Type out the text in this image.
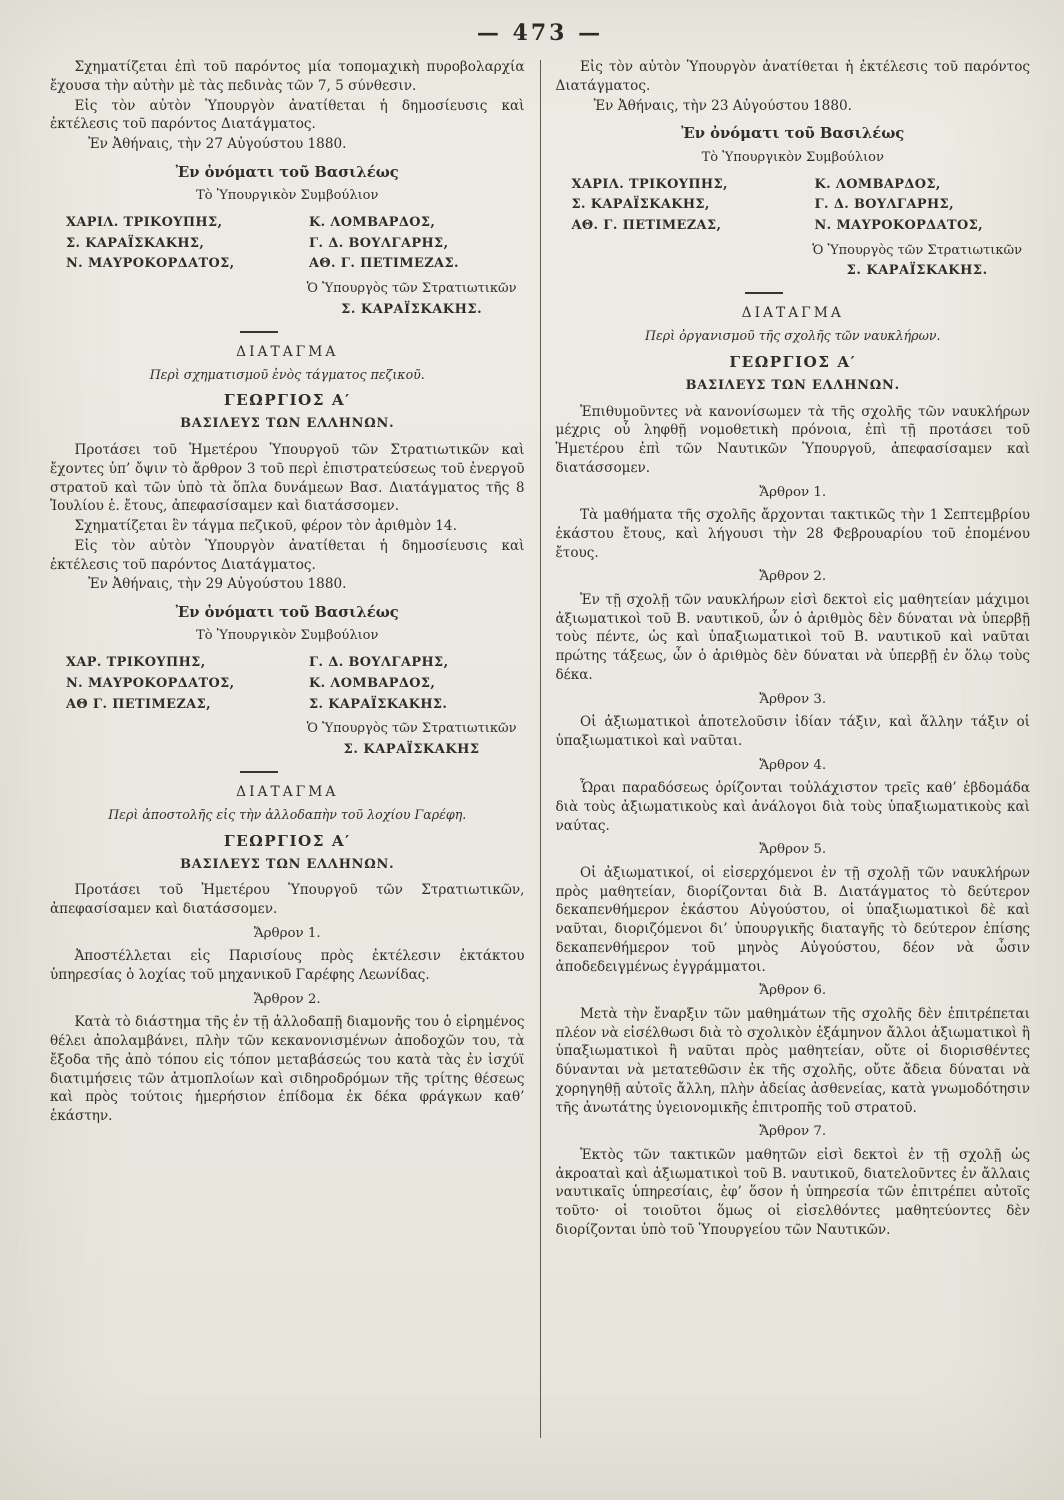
— 473 —
Σχηματίζεται ἐπὶ τοῦ παρόντος μία τοπομαχικὴ πυροβολαρχία ἔχουσα τὴν αὐτὴν μὲ τὰς πεδινὰς τῶν 7, 5 σύνθεσιν.
Εἰς τὸν αὐτὸν Ὑπουργὸν ἀνατίθεται ἡ δημοσίευσις καὶ ἐκτέλεσις τοῦ παρόντος Διατάγματος.
Ἐν Ἀθήναις, τὴν 27 Αὐγούστου 1880.
Ἐν ὀνόματι τοῦ Βασιλέως
Τὸ Ὑπουργικὸν Συμβούλιον
ΧΑΡΙΛ. ΤΡΙΚΟΥΠΗΣ,	Κ. ΛΟΜΒΑΡΔΟΣ,
Σ. ΚΑΡΑΪΣΚΑΚΗΣ,	Γ. Δ. ΒΟΥΛΓΑΡΗΣ,
Ν. ΜΑΥΡΟΚΟΡΔΑΤΟΣ,	ΑΘ. Γ. ΠΕΤΙΜΕΖΑΣ.
Ὁ Ὑπουργὸς τῶν Στρατιωτικῶν
Σ. ΚΑΡΑΪΣΚΑΚΗΣ.
ΔΙΑΤΑΓΜΑ
Περὶ σχηματισμοῦ ἑνὸς τάγματος πεζικοῦ.
ΓΕΩΡΓΙΟΣ Α′
ΒΑΣΙΛΕΥΣ ΤΩΝ ΕΛΛΗΝΩΝ.
Προτάσει τοῦ Ἡμετέρου Ὑπουργοῦ τῶν Στρατιωτικῶν καὶ ἔχοντες ὑπ’ ὄψιν τὸ ἄρθρον 3 τοῦ περὶ ἐπιστρατεύσεως τοῦ ἐνεργοῦ στρατοῦ καὶ τῶν ὑπὸ τὰ ὅπλα δυνάμεων Βασ. Διατάγματος τῆς 8 Ἰουλίου ἑ. ἔτους, ἀπεφασίσαμεν καὶ διατάσσομεν.
Σχηματίζεται ἓν τάγμα πεζικοῦ, φέρον τὸν ἀριθμὸν 14.
Εἰς τὸν αὐτὸν Ὑπουργὸν ἀνατίθεται ἡ δημοσίευσις καὶ ἐκτέλεσις τοῦ παρόντος Διατάγματος.
Ἐν Ἀθήναις, τὴν 29 Αὐγούστου 1880.
Ἐν ὀνόματι τοῦ Βασιλέως
Τὸ Ὑπουργικὸν Συμβούλιον
ΧΑΡ. ΤΡΙΚΟΥΠΗΣ,	Γ. Δ. ΒΟΥΛΓΑΡΗΣ,
Ν. ΜΑΥΡΟΚΟΡΔΑΤΟΣ,	Κ. ΛΟΜΒΑΡΔΟΣ,
ΑΘ Γ. ΠΕΤΙΜΕΖΑΣ,	Σ. ΚΑΡΑΪΣΚΑΚΗΣ.
Ὁ Ὑπουργὸς τῶν Στρατιωτικῶν
Σ. ΚΑΡΑΪΣΚΑΚΗΣ
ΔΙΑΤΑΓΜΑ
Περὶ ἀποστολῆς εἰς τὴν ἀλλοδαπὴν τοῦ λοχίου Γαρέφη.
ΓΕΩΡΓΙΟΣ Α′
ΒΑΣΙΛΕΥΣ ΤΩΝ ΕΛΛΗΝΩΝ.
Προτάσει τοῦ Ἡμετέρου Ὑπουργοῦ τῶν Στρατιωτικῶν, ἀπεφασίσαμεν καὶ διατάσσομεν.
Ἄρθρον 1.
Ἀποστέλλεται εἰς Παρισίους πρὸς ἐκτέλεσιν ἐκτάκτου ὑπηρεσίας ὁ λοχίας τοῦ μηχανικοῦ Γαρέφης Λεωνίδας.
Ἄρθρον 2.
Κατὰ τὸ διάστημα τῆς ἐν τῇ ἀλλοδαπῇ διαμονῆς του ὁ εἰρημένος θέλει ἀπολαμβάνει, πλὴν τῶν κεκανονισμένων ἀποδοχῶν του, τὰ ἔξοδα τῆς ἀπὸ τόπου εἰς τόπον μεταβάσεώς του κατὰ τὰς ἐν ἰσχύϊ διατιμήσεις τῶν ἀτμοπλοίων καὶ σιδηροδρόμων τῆς τρίτης θέσεως καὶ πρὸς τούτοις ἡμερήσιον ἐπίδομα ἐκ δέκα φράγκων καθ’ ἑκάστην.
Εἰς τὸν αὐτὸν Ὑπουργὸν ἀνατίθεται ἡ ἐκτέλεσις τοῦ παρόντος Διατάγματος.
Ἐν Ἀθήναις, τὴν 23 Αὐγούστου 1880.
Ἐν ὀνόματι τοῦ Βασιλέως
Τὸ Ὑπουργικὸν Συμβούλιον
ΧΑΡΙΛ. ΤΡΙΚΟΥΠΗΣ,	Κ. ΛΟΜΒΑΡΔΟΣ,
Σ. ΚΑΡΑΪΣΚΑΚΗΣ,	Γ. Δ. ΒΟΥΛΓΑΡΗΣ,
ΑΘ. Γ. ΠΕΤΙΜΕΖΑΣ,	Ν. ΜΑΥΡΟΚΟΡΔΑΤΟΣ,
Ὁ Ὑπουργὸς τῶν Στρατιωτικῶν
Σ. ΚΑΡΑΪΣΚΑΚΗΣ.
ΔΙΑΤΑΓΜΑ
Περὶ ὀργανισμοῦ τῆς σχολῆς τῶν ναυκλήρων.
ΓΕΩΡΓΙΟΣ Α′
ΒΑΣΙΛΕΥΣ ΤΩΝ ΕΛΛΗΝΩΝ.
Ἐπιθυμοῦντες νὰ κανονίσωμεν τὰ τῆς σχολῆς τῶν ναυκλήρων μέχρις οὗ ληφθῇ νομοθετικὴ πρόνοια, ἐπὶ τῇ προτάσει τοῦ Ἡμετέρου ἐπὶ τῶν Ναυτικῶν Ὑπουργοῦ, ἀπεφασίσαμεν καὶ διατάσσομεν.
Ἄρθρον 1.
Τὰ μαθήματα τῆς σχολῆς ἄρχονται τακτικῶς τὴν 1 Σεπτεμβρίου ἑκάστου ἔτους, καὶ λήγουσι τὴν 28 Φεβρουαρίου τοῦ ἐπομένου ἔτους.
Ἄρθρον 2.
Ἐν τῇ σχολῇ τῶν ναυκλήρων εἰσὶ δεκτοὶ εἰς μαθητείαν μάχιμοι ἀξιωματικοὶ τοῦ Β. ναυτικοῦ, ὧν ὁ ἀριθμὸς δὲν δύναται νὰ ὑπερβῇ τοὺς πέντε, ὡς καὶ ὑπαξιωματικοὶ τοῦ Β. ναυτικοῦ καὶ ναῦται πρώτης τάξεως, ὧν ὁ ἀριθμὸς δὲν δύναται νὰ ὑπερβῇ ἐν ὅλῳ τοὺς δέκα.
Ἄρθρον 3.
Οἱ ἀξιωματικοὶ ἀποτελοῦσιν ἰδίαν τάξιν, καὶ ἄλλην τάξιν οἱ ὑπαξιωματικοὶ καὶ ναῦται.
Ἄρθρον 4.
Ὧραι παραδόσεως ὁρίζονται τοὐλάχιστον τρεῖς καθ’ ἑβδομάδα διὰ τοὺς ἀξιωματικοὺς καὶ ἀνάλογοι διὰ τοὺς ὑπαξιωματικοὺς καὶ ναύτας.
Ἄρθρον 5.
Οἱ ἀξιωματικοί, οἱ εἰσερχόμενοι ἐν τῇ σχολῇ τῶν ναυκλήρων πρὸς μαθητείαν, διορίζονται διὰ Β. Διατάγματος τὸ δεύτερον δεκαπενθήμερον ἑκάστου Αὐγούστου, οἱ ὑπαξιωματικοὶ δὲ καὶ ναῦται, διοριζόμενοι δι’ ὑπουργικῆς διαταγῆς τὸ δεύτερον ἐπίσης δεκαπενθήμερον τοῦ μηνὸς Αὐγούστου, δέον νὰ ὦσιν ἀποδεδειγμένως ἐγγράμματοι.
Ἄρθρον 6.
Μετὰ τὴν ἔναρξιν τῶν μαθημάτων τῆς σχολῆς δὲν ἐπιτρέπεται πλέον νὰ εἰσέλθωσι διὰ τὸ σχολικὸν ἑξάμηνον ἄλλοι ἀξιωματικοὶ ἢ ὑπαξιωματικοὶ ἢ ναῦται πρὸς μαθητείαν, οὔτε οἱ διορισθέντες δύνανται νὰ μετατεθῶσιν ἐκ τῆς σχολῆς, οὔτε ἄδεια δύναται νὰ χορηγηθῇ αὐτοῖς ἄλλη, πλὴν ἀδείας ἀσθενείας, κατὰ γνωμοδότησιν τῆς ἀνωτάτης ὑγειονομικῆς ἐπιτροπῆς τοῦ στρατοῦ.
Ἄρθρον 7.
Ἐκτὸς τῶν τακτικῶν μαθητῶν εἰσὶ δεκτοὶ ἐν τῇ σχολῇ ὡς ἀκροαταὶ καὶ ἀξιωματικοὶ τοῦ Β. ναυτικοῦ, διατελοῦντες ἐν ἄλλαις ναυτικαῖς ὑπηρεσίαις, ἐφ’ ὅσον ἡ ὑπηρεσία τῶν ἐπιτρέπει αὐτοῖς τοῦτο· οἱ τοιοῦτοι ὅμως οἱ εἰσελθόντες μαθητεύοντες δὲν διορίζονται ὑπὸ τοῦ Ὑπουργείου τῶν Ναυτικῶν.
